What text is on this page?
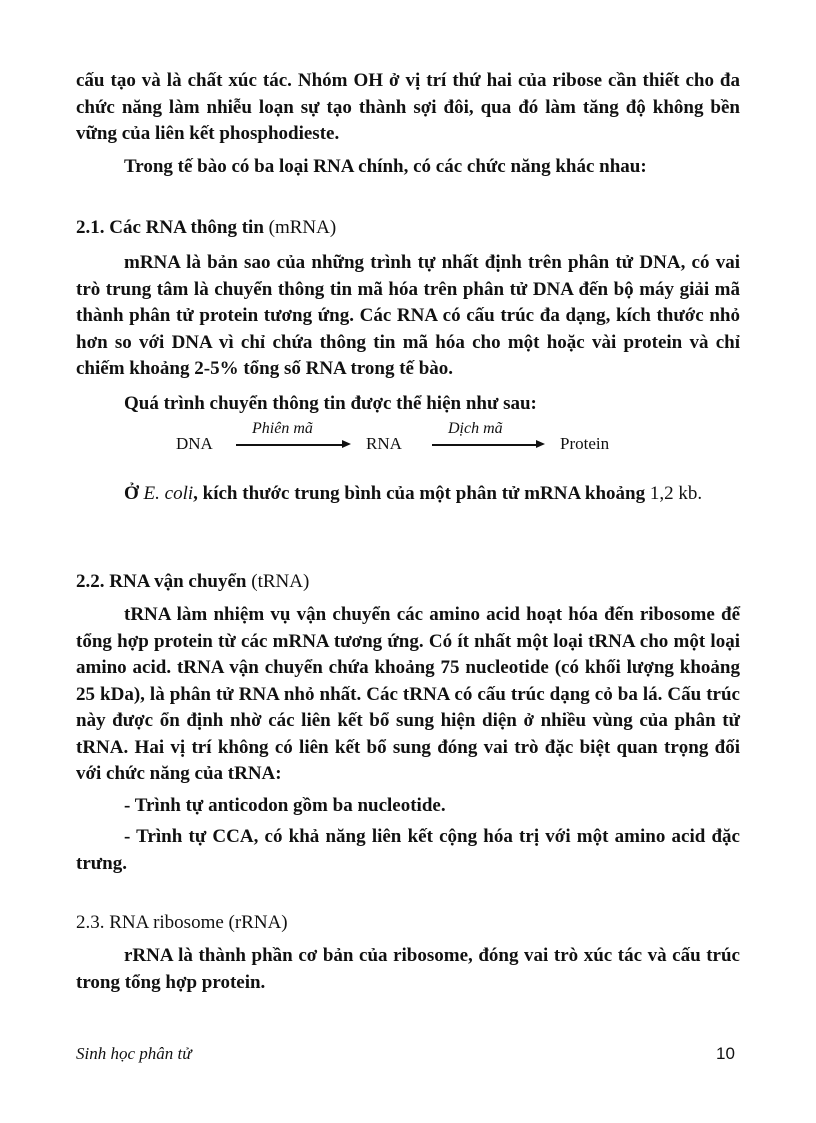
cấu tạo và là chất xúc tác. Nhóm OH ở vị trí thứ hai của ribose cần thiết cho đa chức năng làm nhiễu loạn sự tạo thành sợi đôi, qua đó làm tăng độ không bền vững của liên kết phosphodieste.

Trong tế bào có ba loại RNA chính, có các chức năng khác nhau:

2.1. Các RNA thông tin (mRNA)

mRNA là bản sao của những trình tự nhất định trên phân tử DNA, có vai trò trung tâm là chuyển thông tin mã hóa trên phân tử DNA đến bộ máy giải mã thành phân tử protein tương ứng. Các RNA có cấu trúc đa dạng, kích thước nhỏ hơn so với DNA vì chỉ chứa thông tin mã hóa cho một hoặc vài protein và chỉ chiếm khoảng 2-5% tổng số RNA trong tế bào.

Quá trình chuyển thông tin được thể hiện như sau:

DNA
Phiên mã
RNA
Dịch mã
Protein

Ở E. coli, kích thước trung bình của một phân tử mRNA khoảng 1,2 kb.

2.2. RNA vận chuyển (tRNA)

tRNA làm nhiệm vụ vận chuyển các amino acid hoạt hóa đến ribosome để tổng hợp protein từ các mRNA tương ứng. Có ít nhất một loại tRNA cho một loại amino acid. tRNA vận chuyển chứa khoảng 75 nucleotide (có khối lượng khoảng 25 kDa), là phân tử RNA nhỏ nhất. Các tRNA có cấu trúc dạng cỏ ba lá. Cấu trúc này được ổn định nhờ các liên kết bổ sung hiện diện ở nhiều vùng của phân tử tRNA. Hai vị trí không có liên kết bổ sung đóng vai trò đặc biệt quan trọng đối với chức năng của tRNA:

- Trình tự anticodon gồm ba nucleotide.

- Trình tự CCA, có khả năng liên kết cộng hóa trị với một amino acid đặc trưng.

2.3. RNA ribosome (rRNA)

rRNA là thành phần cơ bản của ribosome, đóng vai trò xúc tác và cấu trúc trong tổng hợp protein.

Sinh học phân tử	10
